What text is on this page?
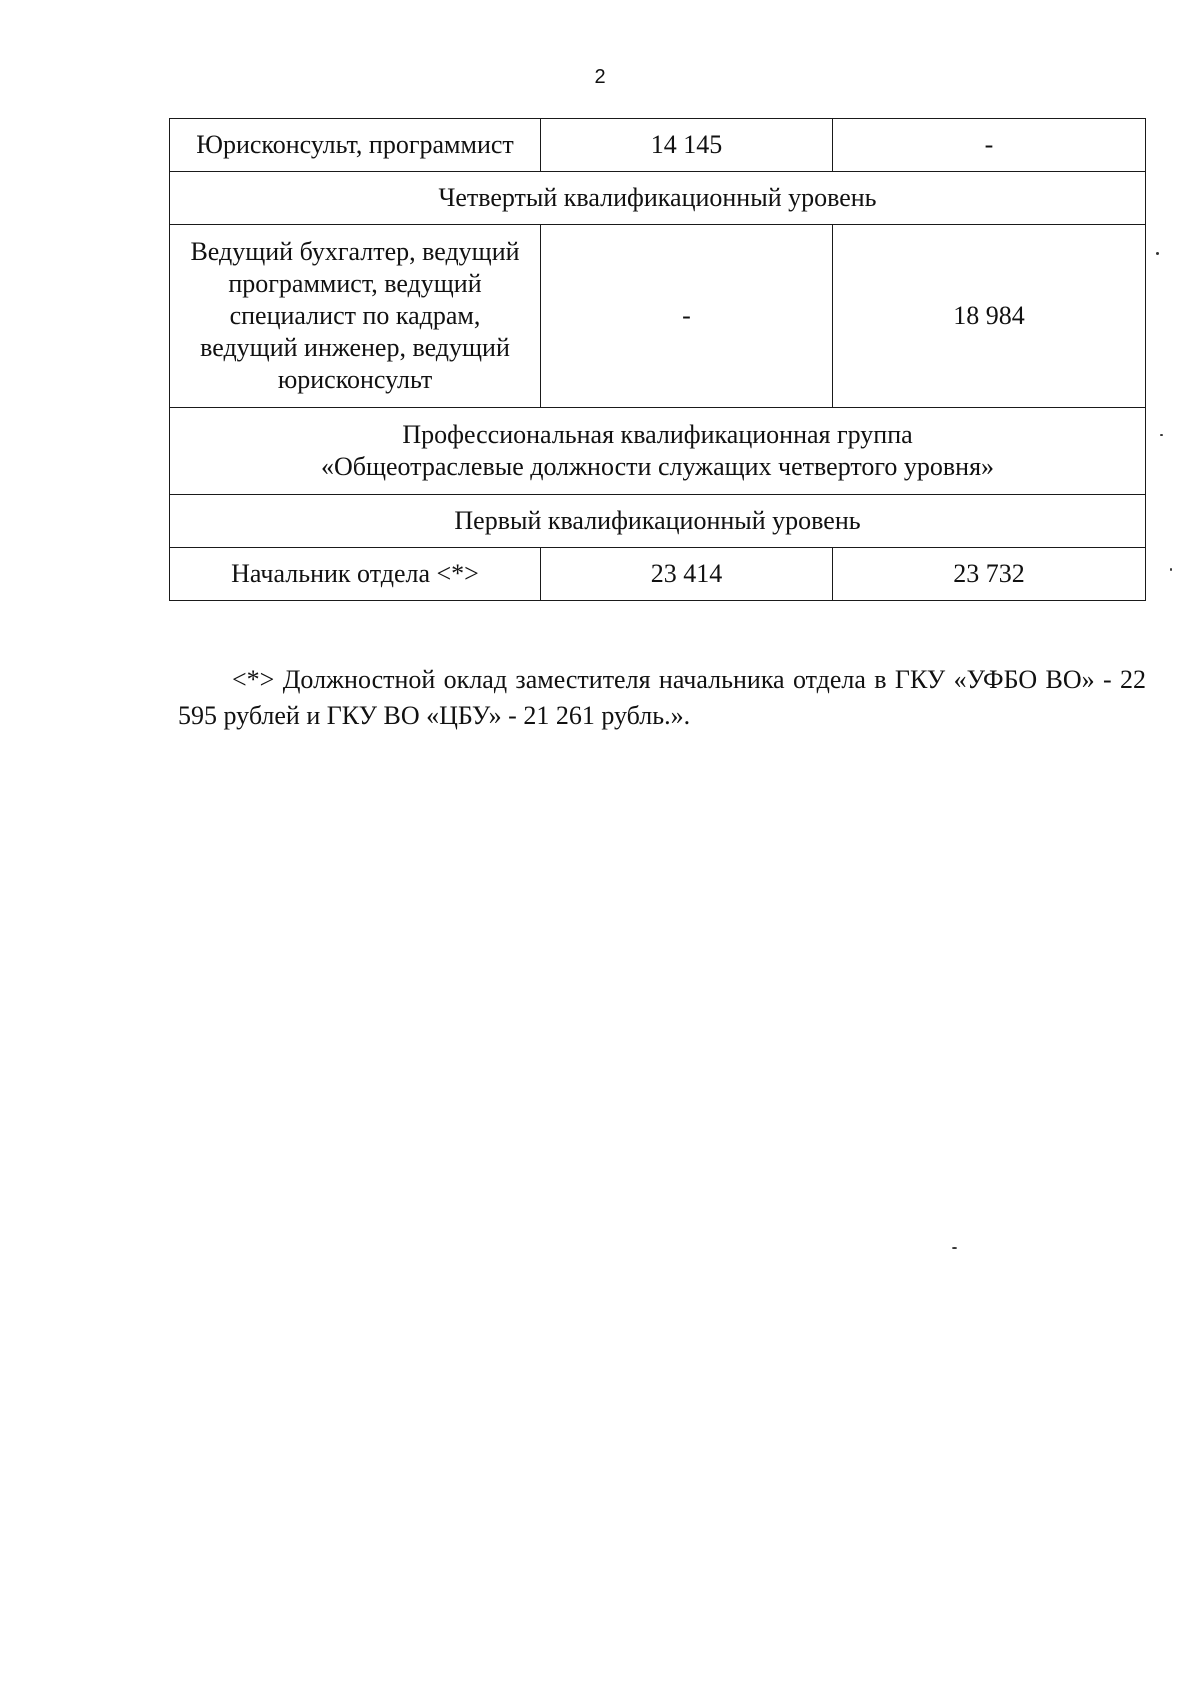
2
Юрисконсульт, программист	14 145	-
Четвертый квалификационный уровень		

Ведущий бухгалтер, ведущий
программист, ведущий
специалист по кадрам,
ведущий инженер, ведущий
юрисконсульт	-	18 984

Профессиональная квалификационная группа
«Общеотраслевые должности служащих четвертого уровня»		

Первый квалификационный уровень		
Начальник отдела <*>	23 414	23 732
<*> Должностной оклад заместителя начальника отдела в ГКУ «УФБО ВО» - 22 595 рублей и ГКУ ВО «ЦБУ» - 21 261 рубль.».
